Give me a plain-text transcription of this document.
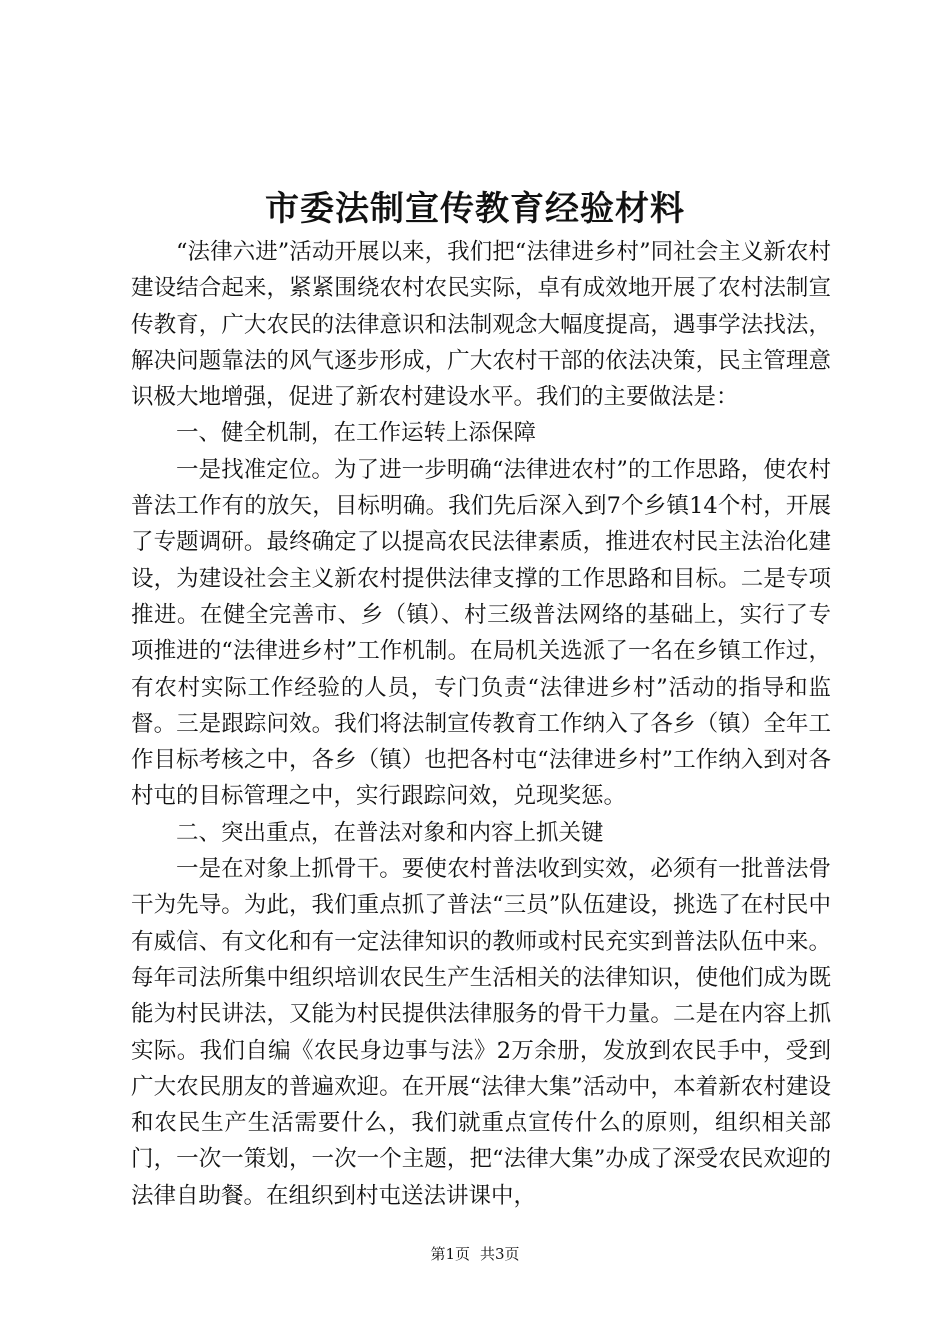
市委法制宣传教育经验材料

“法律六进”活动开展以来，我们把“法律进乡村”同社会主义新农村建设结合起来，紧紧围绕农村农民实际，卓有成效地开展了农村法制宣传教育，广大农民的法律意识和法制观念大幅度提高，遇事学法找法，解决问题靠法的风气逐步形成，广大农村干部的依法决策，民主管理意识极大地增强，促进了新农村建设水平。我们的主要做法是：

一、健全机制，在工作运转上添保障

一是找准定位。为了进一步明确“法律进农村”的工作思路，使农村普法工作有的放矢，目标明确。我们先后深入到7个乡镇14个村，开展了专题调研。最终确定了以提高农民法律素质，推进农村民主法治化建设，为建设社会主义新农村提供法律支撑的工作思路和目标。二是专项推进。在健全完善市、乡（镇）、村三级普法网络的基础上，实行了专项推进的“法律进乡村”工作机制。在局机关选派了一名在乡镇工作过，有农村实际工作经验的人员，专门负责“法律进乡村”活动的指导和监督。三是跟踪问效。我们将法制宣传教育工作纳入了各乡（镇）全年工作目标考核之中，各乡（镇）也把各村屯“法律进乡村”工作纳入到对各村屯的目标管理之中，实行跟踪问效，兑现奖惩。

二、突出重点，在普法对象和内容上抓关键

一是在对象上抓骨干。要使农村普法收到实效，必须有一批普法骨干为先导。为此，我们重点抓了普法“三员”队伍建设，挑选了在村民中有威信、有文化和有一定法律知识的教师或村民充实到普法队伍中来。每年司法所集中组织培训农民生产生活相关的法律知识，使他们成为既能为村民讲法，又能为村民提供法律服务的骨干力量。二是在内容上抓实际。我们自编《农民身边事与法》2万余册，发放到农民手中，受到广大农民朋友的普遍欢迎。在开展“法律大集”活动中，本着新农村建设和农民生产生活需要什么，我们就重点宣传什么的原则，组织相关部门，一次一策划，一次一个主题，把“法律大集”办成了深受农民欢迎的法律自助餐。在组织到村屯送法讲课中，

第1页 共3页
